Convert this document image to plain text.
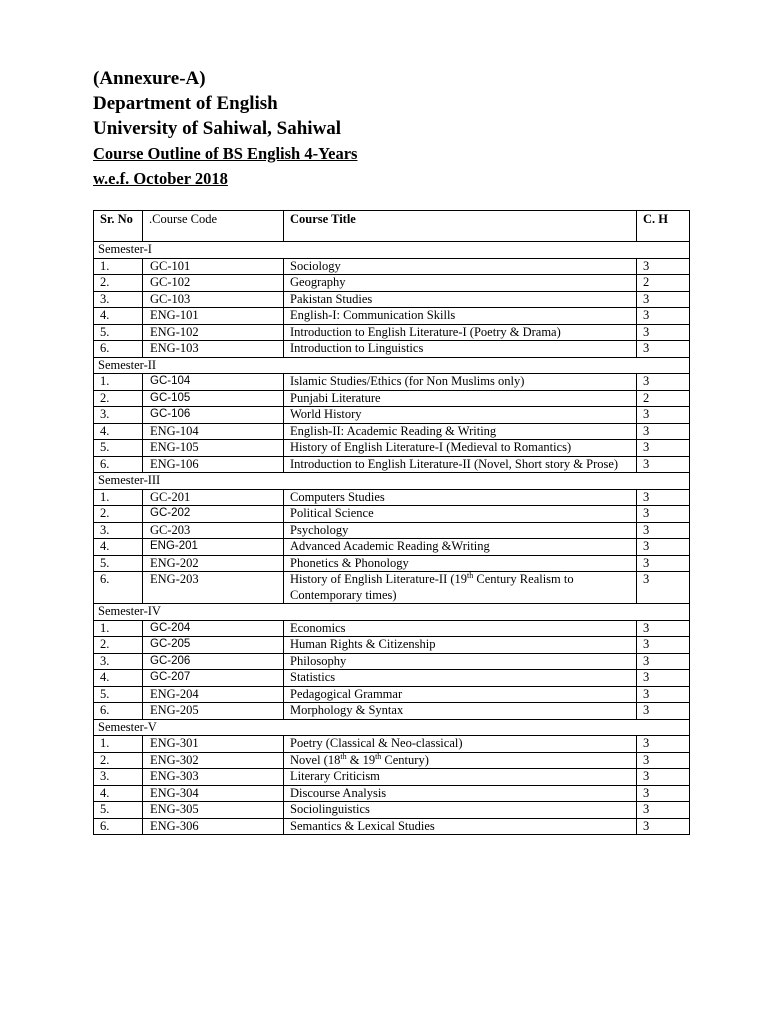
(Annexure-A)
Department of English
University of Sahiwal, Sahiwal
Course Outline of BS English 4-Years
w.e.f. October 2018
Sr. No	.Course Code	Course Title	C. H
Semester-I			
1.	GC-101	Sociology	3
2.	GC-102	Geography	2
3.	GC-103	Pakistan Studies	3
4.	ENG-101	English-I: Communication Skills	3
5.	ENG-102	Introduction to English Literature-I (Poetry & Drama)	3
6.	ENG-103	Introduction to Linguistics	3
Semester-II			
1.	GC-104	Islamic Studies/Ethics (for Non Muslims only)	3
2.	GC-105	Punjabi Literature	2
3.	GC-106	World History	3
4.	ENG-104	English-II: Academic Reading & Writing	3
5.	ENG-105	History of English Literature-I (Medieval to Romantics)	3
6.	ENG-106	Introduction to English Literature-II (Novel, Short story & Prose)	3
Semester-III			
1.	GC-201	Computers Studies	3
2.	GC-202	Political Science	3
3.	GC-203	Psychology	3
4.	ENG-201	Advanced Academic Reading &Writing	3
5.	ENG-202	Phonetics & Phonology	3
6.	ENG-203	History of English Literature-II (19th Century Realism to Contemporary times)	3
Semester-IV			
1.	GC-204	Economics	3
2.	GC-205	Human Rights & Citizenship	3
3.	GC-206	Philosophy	3
4.	GC-207	Statistics	3
5.	ENG-204	Pedagogical Grammar	3
6.	ENG-205	Morphology & Syntax	3
Semester-V			
1.	ENG-301	Poetry (Classical & Neo-classical)	3
2.	ENG-302	Novel (18th & 19th Century)	3
3.	ENG-303	Literary Criticism	3
4.	ENG-304	Discourse Analysis	3
5.	ENG-305	Sociolinguistics	3
6.	ENG-306	Semantics & Lexical Studies	3
